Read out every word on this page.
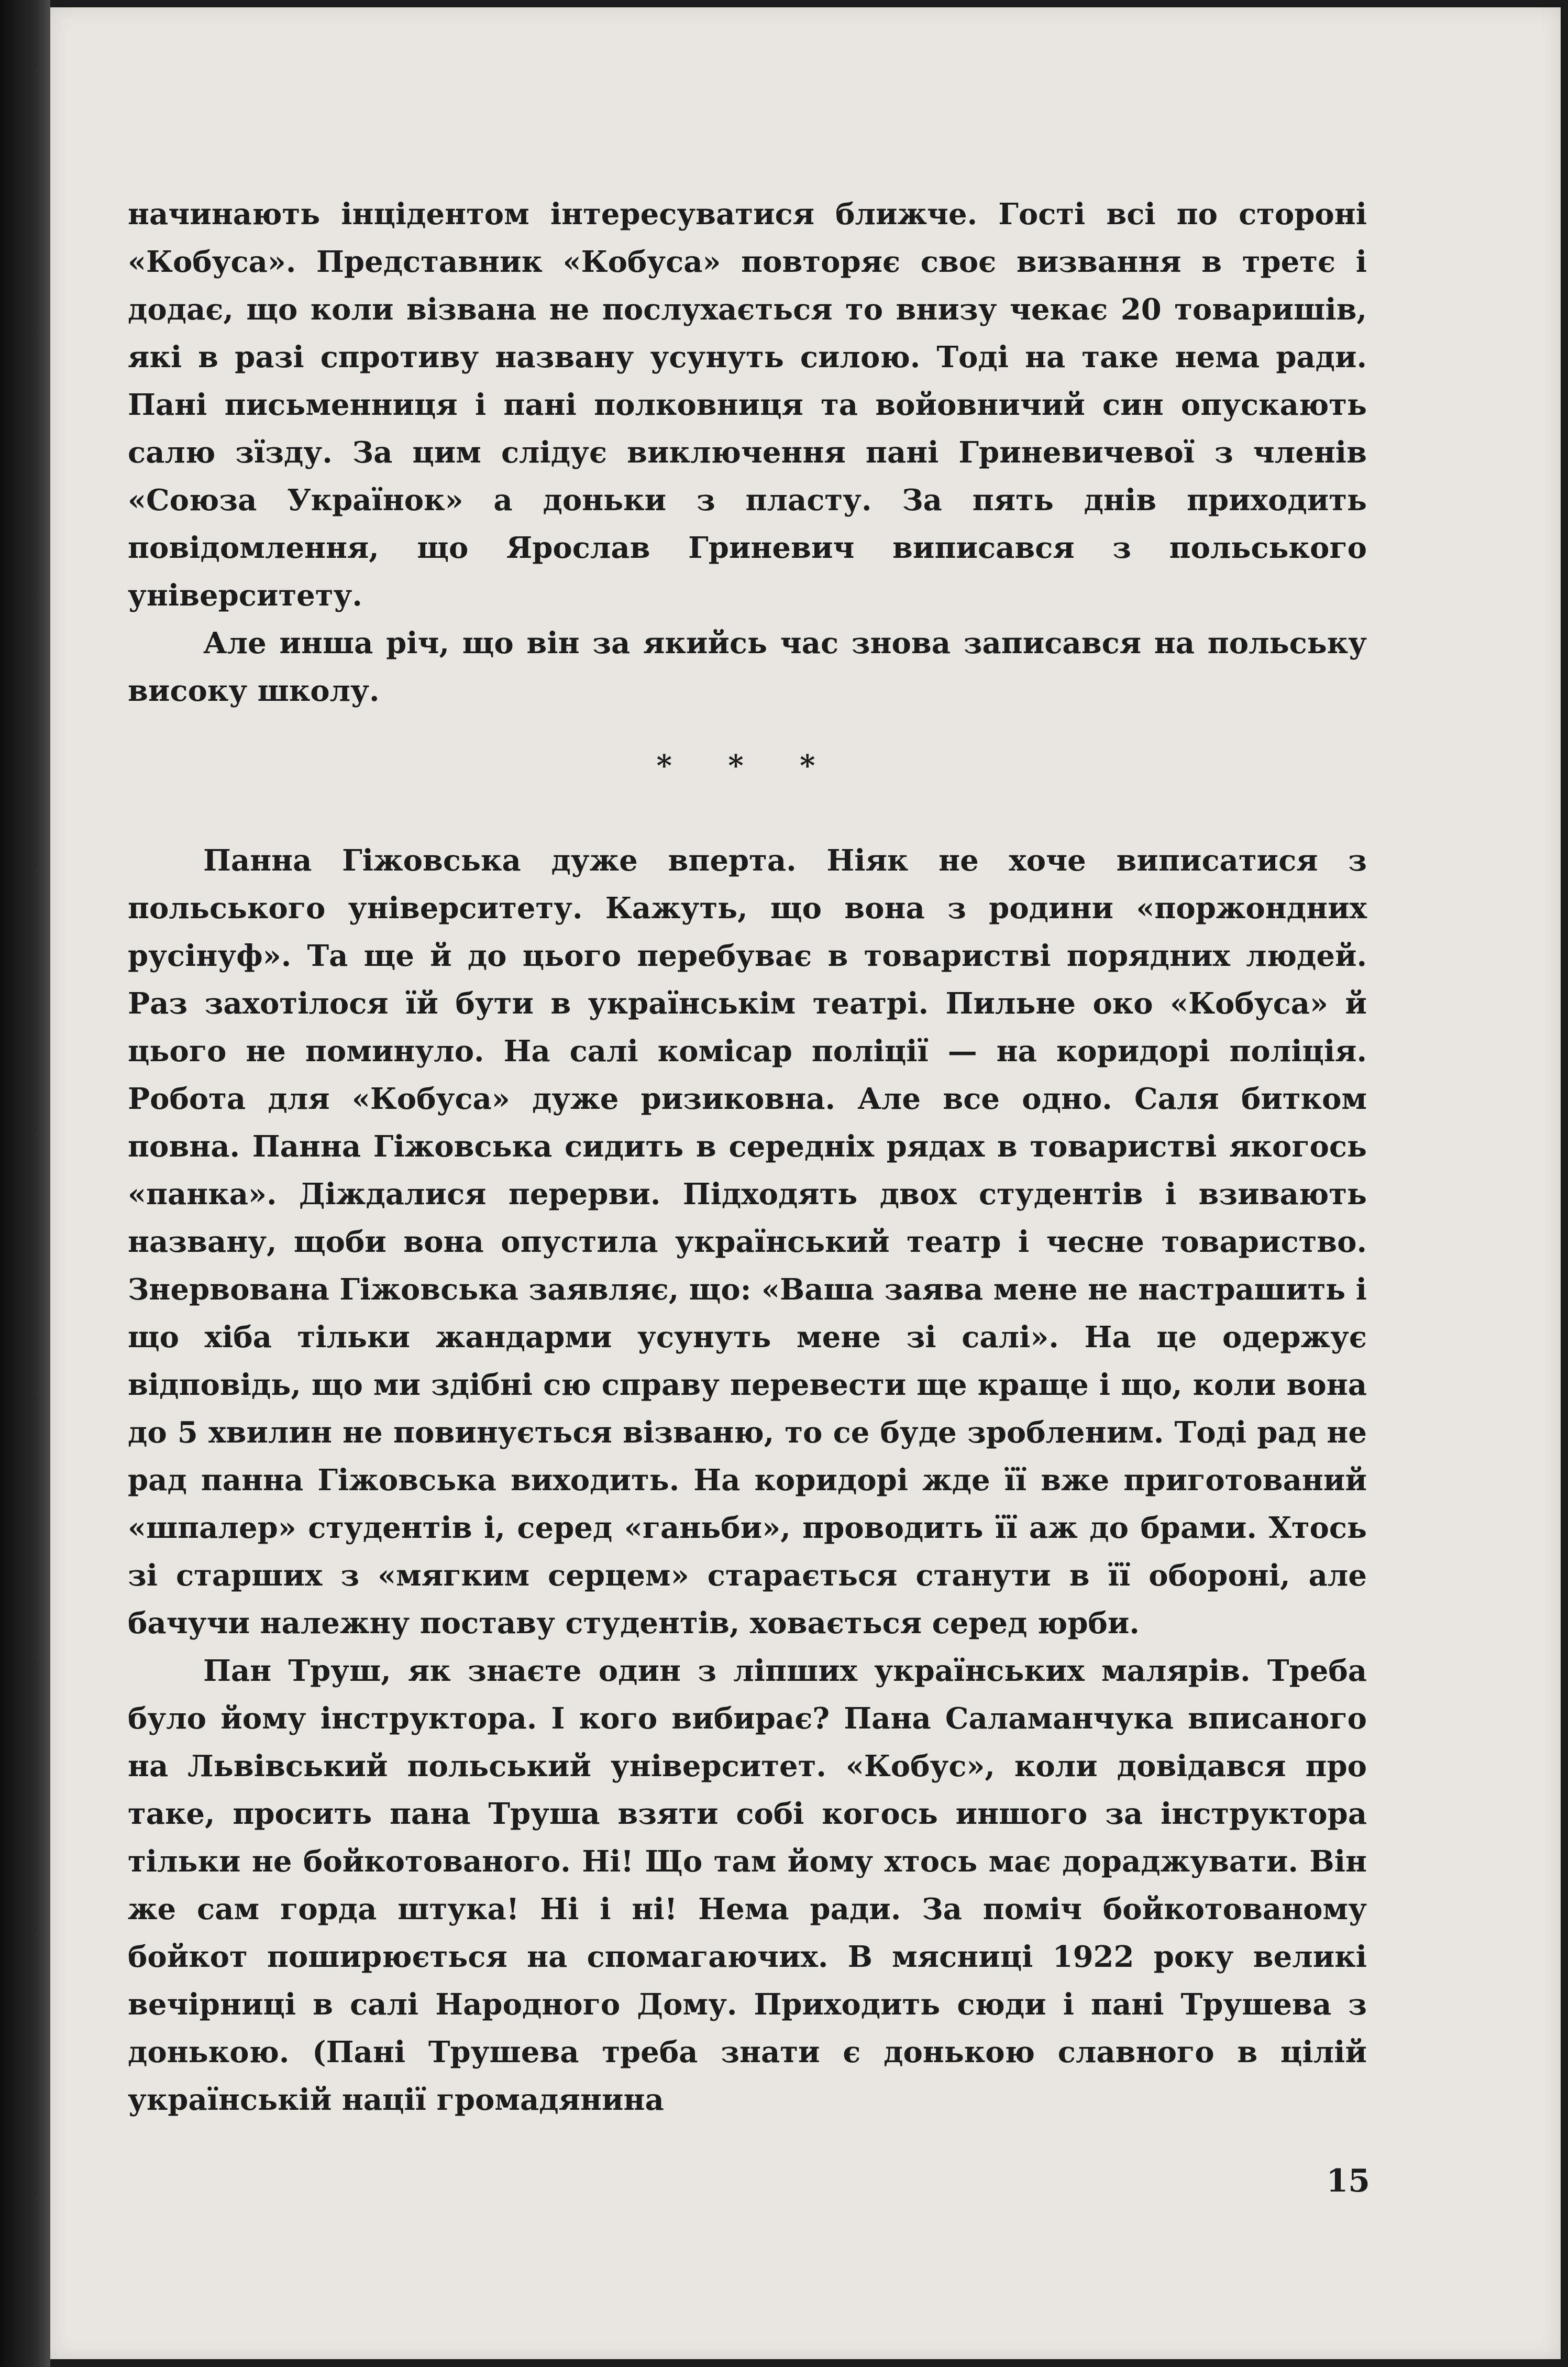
начинають інцідентом інтересуватися ближче. Гості всі по стороні «Кобуса». Представник «Кобуса» повторяє своє визвання в третє і додає, що коли візвана не послухається то внизу чекає 20 товаришів, які в разі спротиву названу усунуть силою. Тоді на таке нема ради. Пані письменниця і пані полковниця та войовничий син опускають салю зїзду. За цим слідує виключення пані Гриневичевої з членів «Союза Українок» а доньки з пласту. За пять днів приходить повідомлення, що Ярослав Гриневич виписався з польського університету.

Але инша річ, що він за якийсь час знова записався на польську високу школу.

* * *

Панна Гіжовська дуже вперта. Ніяк не хоче виписатися з польського університету. Кажуть, що вона з родини «поржондних русінуф». Та ще й до цього перебуває в товаристві порядних людей. Раз захотілося їй бути в українськім театрі. Пильне око «Кобуса» й цього не поминуло. На салі комісар поліції — на коридорі поліція. Робота для «Кобуса» дуже ризиковна. Але все одно. Саля битком повна. Панна Гіжовська сидить в середніх рядах в товаристві якогось «панка». Діждалися перерви. Підходять двох студентів і взивають названу, щоби вона опустила український театр і чесне товариство. Знервована Гіжовська заявляє, що: «Ваша заява мене не настрашить і що хіба тільки жандарми усунуть мене зі салі». На це одержує відповідь, що ми здібні сю справу перевести ще краще і що, коли вона до 5 хвилин не повинується візваню, то се буде зробленим. Тоді рад не рад панна Гіжовська виходить. На коридорі жде її вже приготований «шпалер» студентів і, серед «ганьби», проводить її аж до брами. Хтось зі старших з «мягким серцем» старається станути в її обороні, але бачучи належну поставу студентів, ховається серед юрби.

Пан Труш, як знаєте один з ліпших українських малярів. Треба було йому інструктора. І кого вибирає? Пана Саламанчука вписаного на Львівський польський університет. «Кобус», коли довідався про таке, просить пана Труша взяти собі когось иншого за інструктора тільки не бойкотованого. Ні! Що там йому хтось має дораджувати. Він же сам горда штука! Ні і ні! Нема ради. За поміч бойкотованому бойкот поширюється на спомагаючих. В мясниці 1922 року великі вечірниці в салі Народного Дому. Приходить сюди і пані Трушева з донькою. (Пані Трушева треба знати є донькою славного в цілій українській нації громадянина

15
